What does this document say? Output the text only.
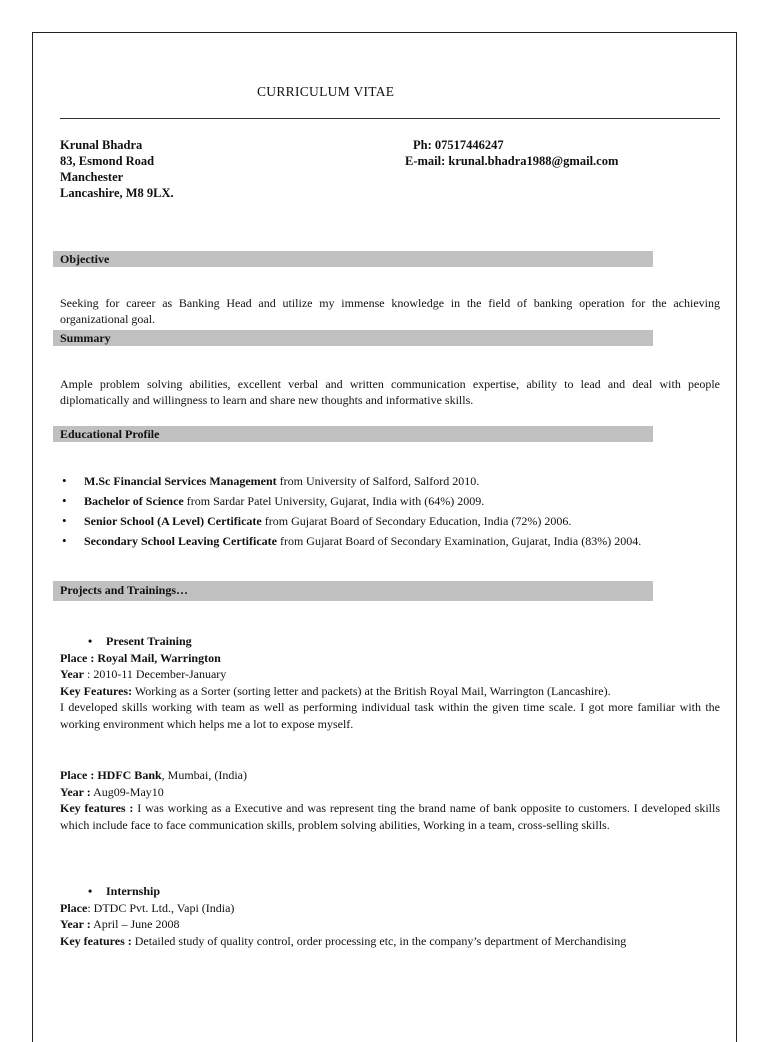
CURRICULUM VITAE
Krunal Bhadra
83, Esmond Road
Manchester
Lancashire, M8 9LX.
Ph: 07517446247
E-mail: krunal.bhadra1988@gmail.com
Objective
Seeking for career as Banking Head and utilize my immense knowledge in the field of banking operation for the achieving organizational goal.
Summary
Ample problem solving abilities, excellent verbal and written communication expertise, ability to lead and deal with people diplomatically and willingness to learn and share new thoughts and informative skills.
Educational Profile
• M.Sc Financial Services Management from University of Salford, Salford 2010.
• Bachelor of Science from Sardar Patel University, Gujarat, India with (64%) 2009.
• Senior School (A Level) Certificate from Gujarat Board of Secondary Education, India (72%) 2006.
• Secondary School Leaving Certificate from Gujarat Board of Secondary Examination, Gujarat, India (83%) 2004.
Projects and Trainings…
• Present Training
Place : Royal Mail, Warrington
Year : 2010-11 December-January
Key Features: Working as a Sorter (sorting letter and packets) at the British Royal Mail, Warrington (Lancashire).
I developed skills working with team as well as performing individual task within the given time scale. I got more familiar with the working environment which helps me a lot to expose myself.
Place : HDFC Bank, Mumbai, (India)
Year : Aug09-May10
Key features : I was working as a Executive and was represent ting the brand name of bank opposite to customers. I developed skills which include face to face communication skills, problem solving abilities, Working in a team, cross-selling skills.
• Internship
Place: DTDC Pvt. Ltd., Vapi (India)
Year : April – June 2008
Key features : Detailed study of quality control, order processing etc, in the company’s department of Merchandising
